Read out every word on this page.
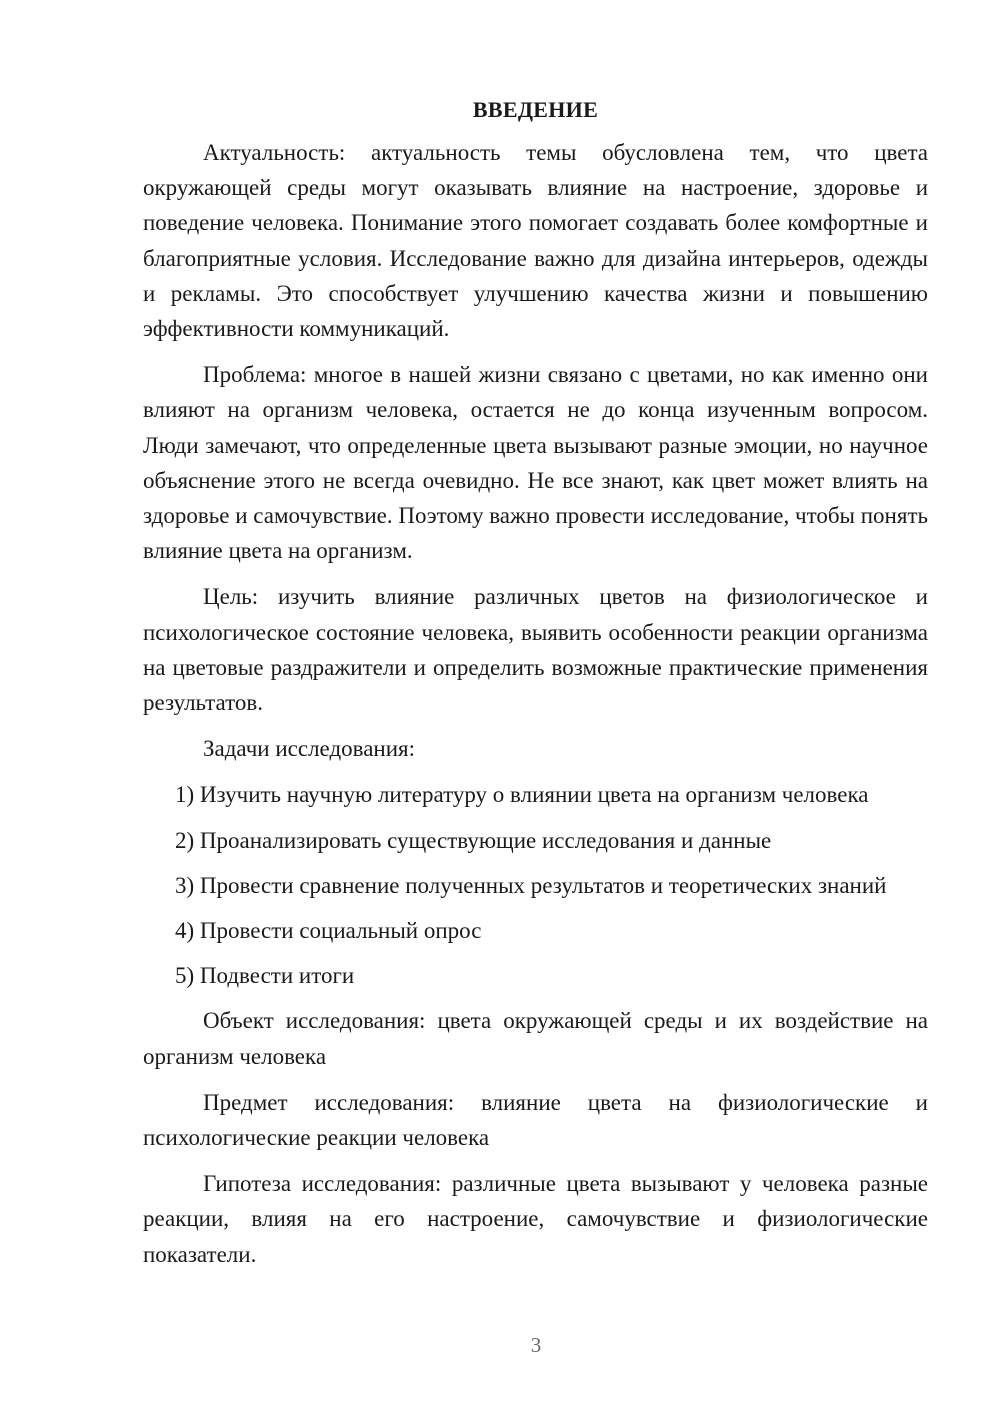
ВВЕДЕНИЕ

Актуальность: актуальность темы обусловлена тем, что цвета окружающей среды могут оказывать влияние на настроение, здоровье и поведение человека. Понимание этого помогает создавать более комфортные и благоприятные условия. Исследование важно для дизайна интерьеров, одежды и рекламы. Это способствует улучшению качества жизни и повышению эффективности коммуникаций.

Проблема: многое в нашей жизни связано с цветами, но как именно они влияют на организм человека, остается не до конца изученным вопросом. Люди замечают, что определенные цвета вызывают разные эмоции, но научное объяснение этого не всегда очевидно. Не все знают, как цвет может влиять на здоровье и самочувствие. Поэтому важно провести исследование, чтобы понять влияние цвета на организм.

Цель: изучить влияние различных цветов на физиологическое и психологическое состояние человека, выявить особенности реакции организма на цветовые раздражители и определить возможные практические применения результатов.

Задачи исследования:

1) Изучить научную литературу о влиянии цвета на организм человека

2) Проанализировать существующие исследования и данные

3) Провести сравнение полученных результатов и теоретических знаний

4) Провести социальный опрос

5) Подвести итоги

Объект исследования: цвета окружающей среды и их воздействие на организм человека

Предмет исследования: влияние цвета на физиологические и психологические реакции человека

Гипотеза исследования: различные цвета вызывают у человека разные реакции, влияя на его настроение, самочувствие и физиологические показатели.

3
